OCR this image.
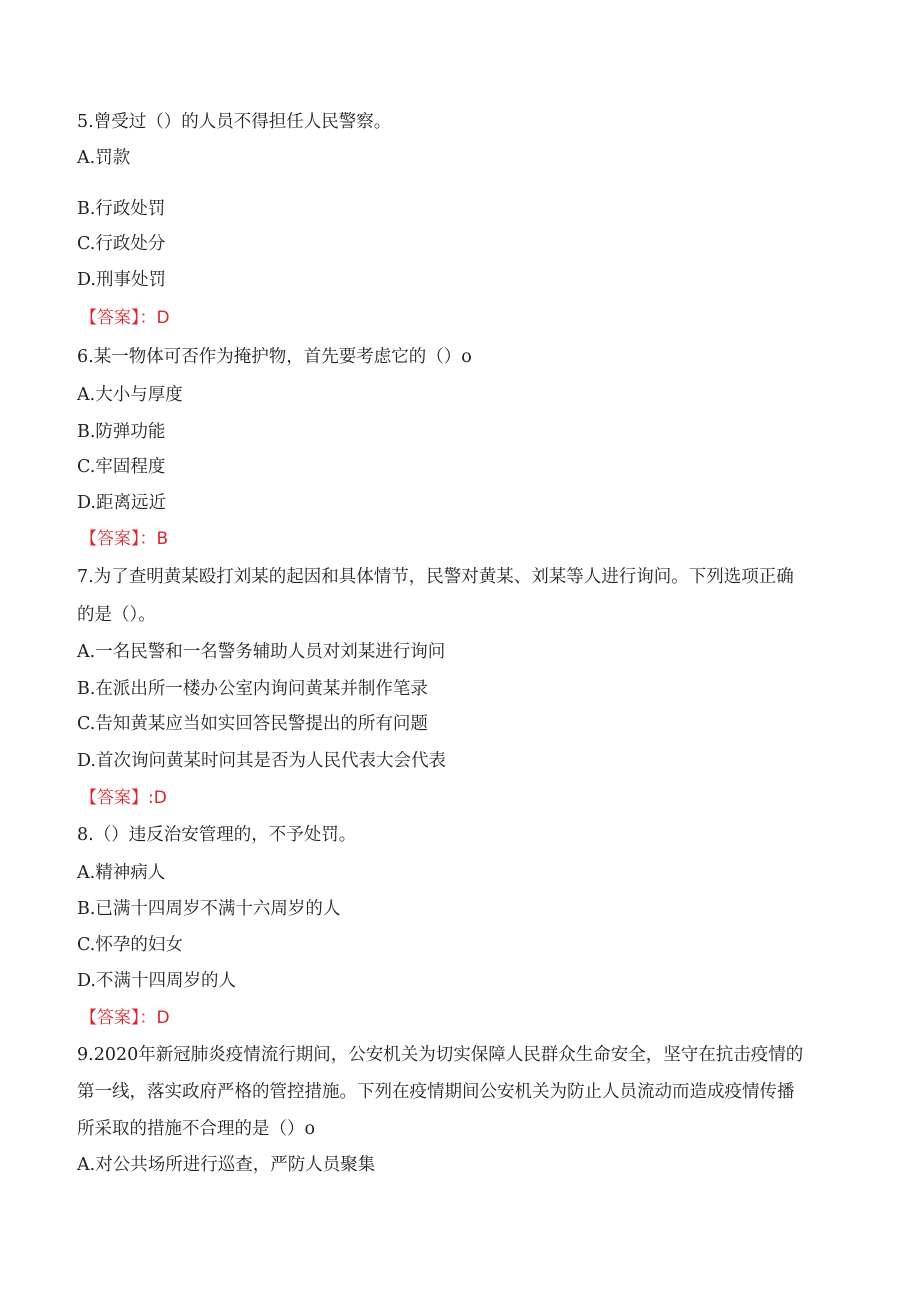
5.曾受过（）的人员不得担任人民警察。
A.罚款
B.行政处罚
C.行政处分
D.刑事处罚
【答案】：D
6.某一物体可否作为掩护物，首先要考虑它的（）o
A.大小与厚度
B.防弹功能
C.牢固程度
D.距离远近
【答案】：B
7.为了查明黄某殴打刘某的起因和具体情节，民警对黄某、刘某等人进行询问。下列选项正确
的是（）。
A.一名民警和一名警务辅助人员对刘某进行询问
B.在派出所一楼办公室内询问黄某并制作笔录
C.告知黄某应当如实回答民警提出的所有问题
D.首次询问黄某时问其是否为人民代表大会代表
【答案】:D
8.（）违反治安管理的，不予处罚。
A.精神病人
B.已满十四周岁不满十六周岁的人
C.怀孕的妇女
D.不满十四周岁的人
【答案】：D
9.2020年新冠肺炎疫情流行期间，公安机关为切实保障人民群众生命安全，坚守在抗击疫情的
第一线，落实政府严格的管控措施。下列在疫情期间公安机关为防止人员流动而造成疫情传播
所采取的措施不合理的是（）o
A.对公共场所进行巡查，严防人员聚集
